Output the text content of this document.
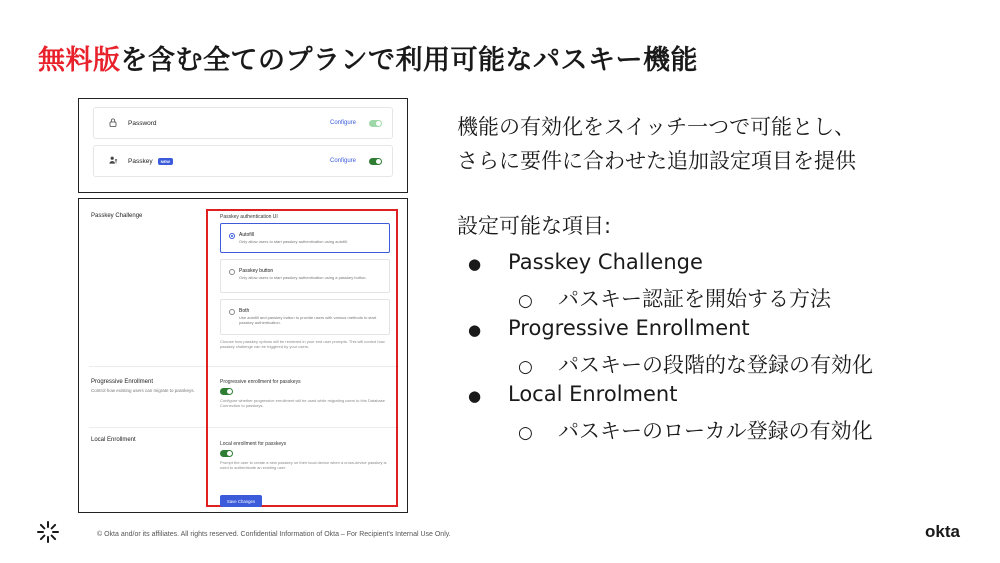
無料版を含む全てのプランで利用可能なパスキー機能
Password	Configure
Passkey	NEW	Configure
Passkey Challenge
Progressive Enrollment
Control how existing users can migrate to passkeys.
Local Enrollment
Passkey authentication UI
Autofill
Only allow users to start passkey authentication using autofill.
Passkey button
Only allow users to start passkey authentication using a passkey button.
Both
Use autofill and passkey button to provide users with various methods to start passkey authentication.
Choose how passkey options will be rendered in your end user prompts. This will control how passkey challenge can be triggered by your users.
Progressive enrollment for passkeys
Configure whether progressive enrollment will be used while migrating users to this Database Connection to passkeys.
Local enrollment for passkeys
Prompt the user to create a new passkey on their local device when a cross-device passkey is used to authenticate an existing user.
Save Changes
機能の有効化をスイッチ一つで可能とし、
さらに要件に合わせた追加設定項目を提供
設定可能な項目:
● Passkey Challenge
○ パスキー認証を開始する方法
● Progressive Enrollment
○ パスキーの段階的な登録の有効化
● Local Enrolment
○ パスキーのローカル登録の有効化
© Okta and/or its affiliates. All rights reserved. Confidential Information of Okta – For Recipient's Internal Use Only.	okta
